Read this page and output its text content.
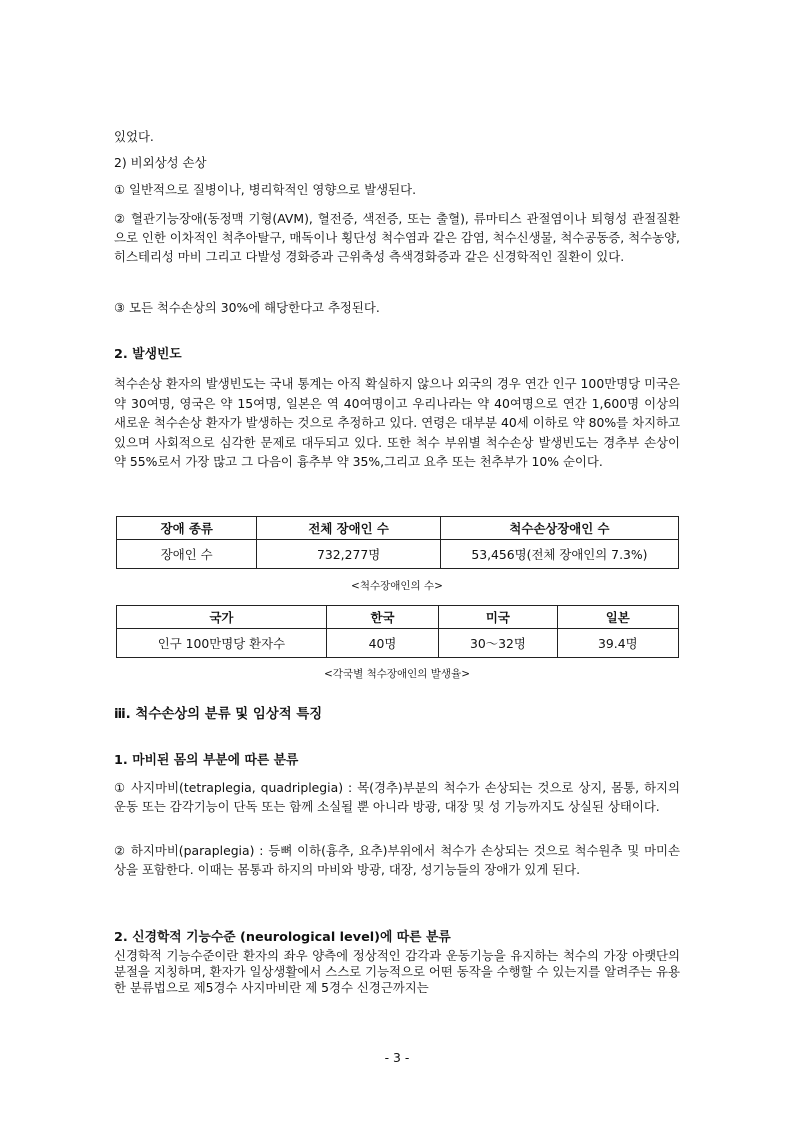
있었다.

2) 비외상성 손상

① 일반적으로 질병이나, 병리학적인 영향으로 발생된다.

② 혈관기능장애(동정맥 기형(AVM), 혈전증, 색전증, 또는 출혈), 류마티스 관절염이나 퇴형성 관절질환으로 인한 이차적인 척추아탈구, 매독이나 횡단성 척수염과 같은 감염, 척수신생물, 척수공동증, 척수농양, 히스테리성 마비 그리고 다발성 경화증과 근위축성 측색경화증과 같은 신경학적인 질환이 있다.

③ 모든 척수손상의 30%에 해당한다고 추정된다.

2. 발생빈도

척수손상 환자의 발생빈도는 국내 통계는 아직 확실하지 않으나 외국의 경우 연간 인구 100만명당 미국은 약 30여명, 영국은 약 15여명, 일본은 역 40여명이고 우리나라는 약 40여명으로 연간 1,600명 이상의 새로운 척수손상 환자가 발생하는 것으로 추정하고 있다. 연령은 대부분 40세 이하로 약 80%를 차지하고 있으며 사회적으로 심각한 문제로 대두되고 있다. 또한 척수 부위별 척수손상 발생빈도는 경추부 손상이 약 55%로서 가장 많고 그 다음이 흉추부 약 35%,그리고 요추 또는 천추부가 10% 순이다.

장애 종류	전체 장애인 수	척수손상장애인 수
장애인 수	732,277명	53,456명(전체 장애인의 7.3%)
<척수장애인의 수>
국가	한국	미국	일본
인구 100만명당 환자수	40명	30～32명	39.4명
<각국별 척수장애인의 발생율>

ⅲ. 척수손상의 분류 및 임상적 특징

1. 마비된 몸의 부분에 따른 분류

① 사지마비(tetraplegia, quadriplegia) : 목(경추)부분의 척수가 손상되는 것으로 상지, 몸통, 하지의 운동 또는 감각기능이 단독 또는 함께 소실될 뿐 아니라 방광, 대장 및 성 기능까지도 상실된 상태이다.

② 하지마비(paraplegia) : 등뼈 이하(흉추, 요추)부위에서 척수가 손상되는 것으로 척수원추 및 마미손상을 포함한다. 이때는 몸통과 하지의 마비와 방광, 대장, 성기능들의 장애가 있게 된다.

2. 신경학적 기능수준 (neurological level)에 따른 분류

신경학적 기능수준이란 환자의 좌우 양측에 정상적인 감각과 운동기능을 유지하는 척수의 가장 아랫단의 분절을 지칭하며, 환자가 일상생활에서 스스로 기능적으로 어떤 동작을 수행할 수 있는지를 알려주는 유용한 분류법으로 제5경수 사지마비란 제 5경수 신경근까지는

- 3 -
